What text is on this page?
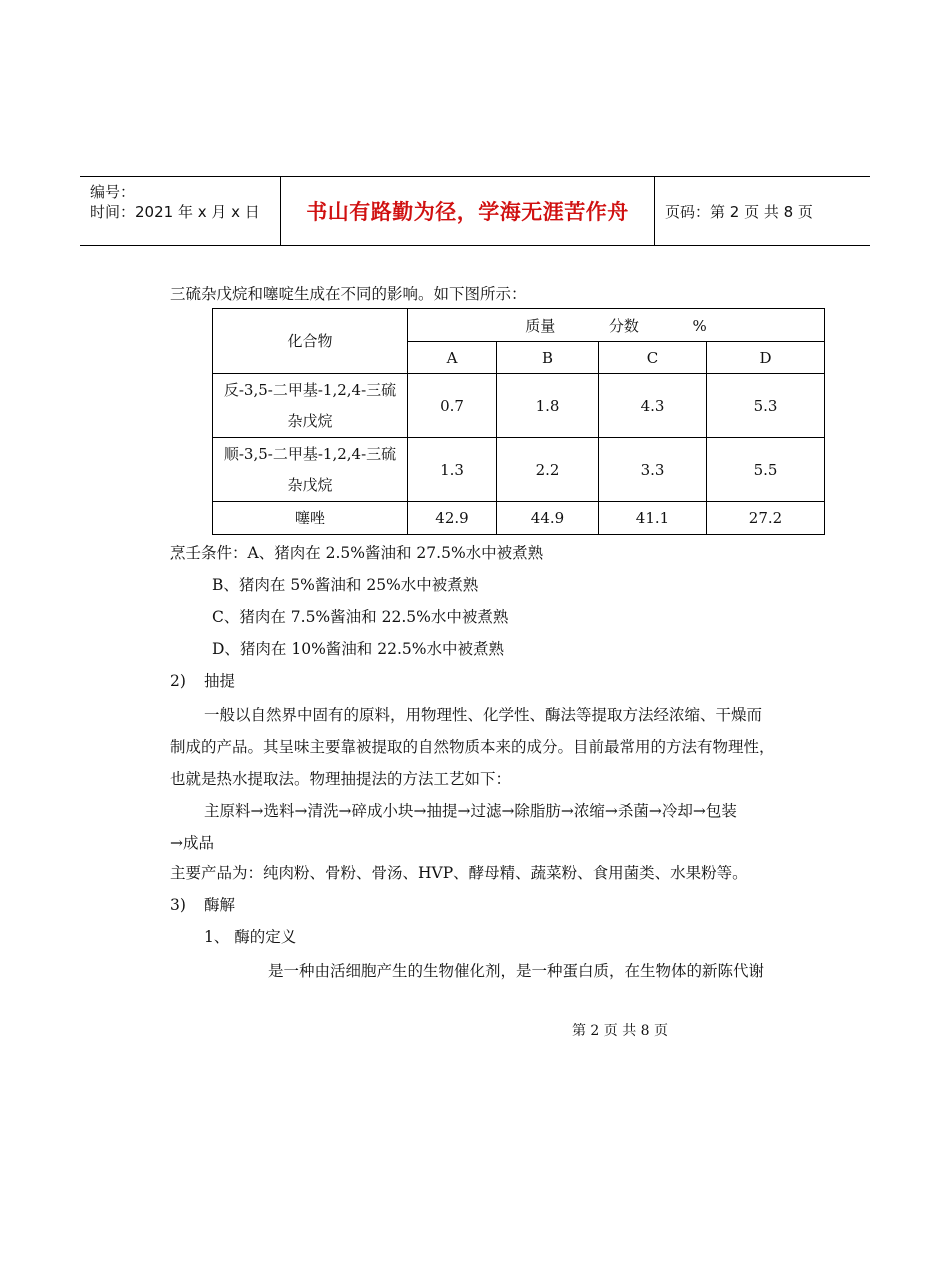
编号：
时间：2021 年 x 月 x 日	书山有路勤为径，学海无涯苦作舟	页码：第 2 页 共 8 页
三硫杂戊烷和噻啶生成在不同的影响。如下图所示：
化合物	质量 分数 %			
	A	B	C	D

反-3,5-二甲基-1,2,4-三硫
杂戊烷	0.7	1.8	4.3	5.3

顺-3,5-二甲基-1,2,4-三硫
杂戊烷	1.3	2.2	3.3	5.5
噻唑	42.9	44.9	41.1	27.2
烹壬条件：A、猪肉在 2.5%酱油和 27.5%水中被煮熟
B、猪肉在 5%酱油和 25%水中被煮熟
C、猪肉在 7.5%酱油和 22.5%水中被煮熟
D、猪肉在 10%酱油和 22.5%水中被煮熟
2) 抽提
一般以自然界中固有的原料，用物理性、化学性、酶法等提取方法经浓缩、干燥而
制成的产品。其呈味主要靠被提取的自然物质本来的成分。目前最常用的方法有物理性，
也就是热水提取法。物理抽提法的方法工艺如下：
主原料→选料→清洗→碎成小块→抽提→过滤→除脂肪→浓缩→杀菌→冷却→包装
→成品
主要产品为：纯肉粉、骨粉、骨汤、HVP、酵母精、蔬菜粉、食用菌类、水果粉等。
3) 酶解
1、 酶的定义
是一种由活细胞产生的生物催化剂，是一种蛋白质，在生物体的新陈代谢
第 2 页 共 8 页
